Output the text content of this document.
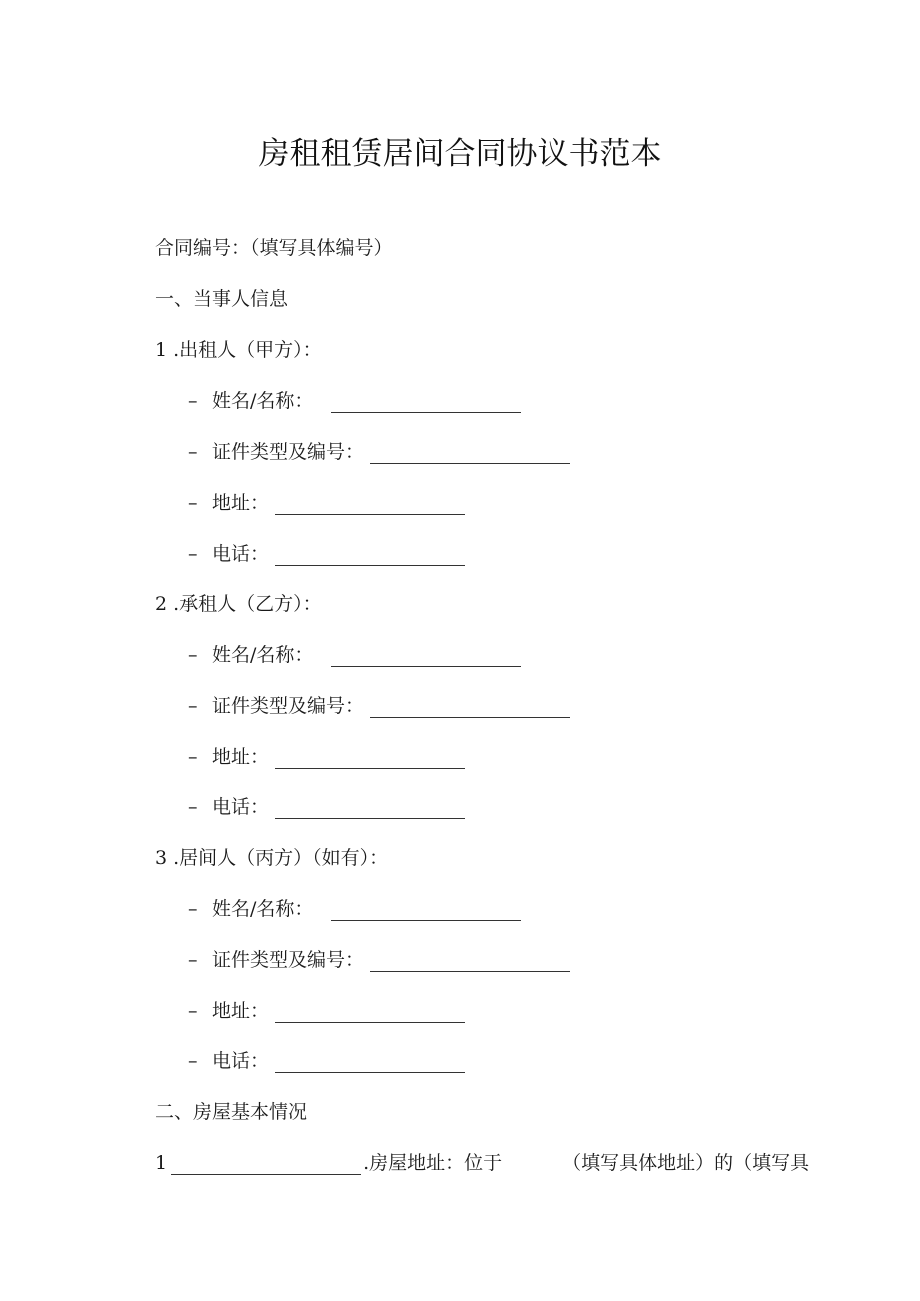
房租租赁居间合同协议书范本
合同编号：（填写具体编号）
一、当事人信息
1 .出租人（甲方）：
– 姓名/名称：
– 证件类型及编号：
– 地址：
– 电话：
2 .承租人（乙方）：
– 姓名/名称：
– 证件类型及编号：
– 地址：
– 电话：
3 .居间人（丙方）（如有）：
– 姓名/名称：
– 证件类型及编号：
– 地址：
– 电话：
二、房屋基本情况
1	.房屋地址：位于	（填写具体地址）的（填写具
